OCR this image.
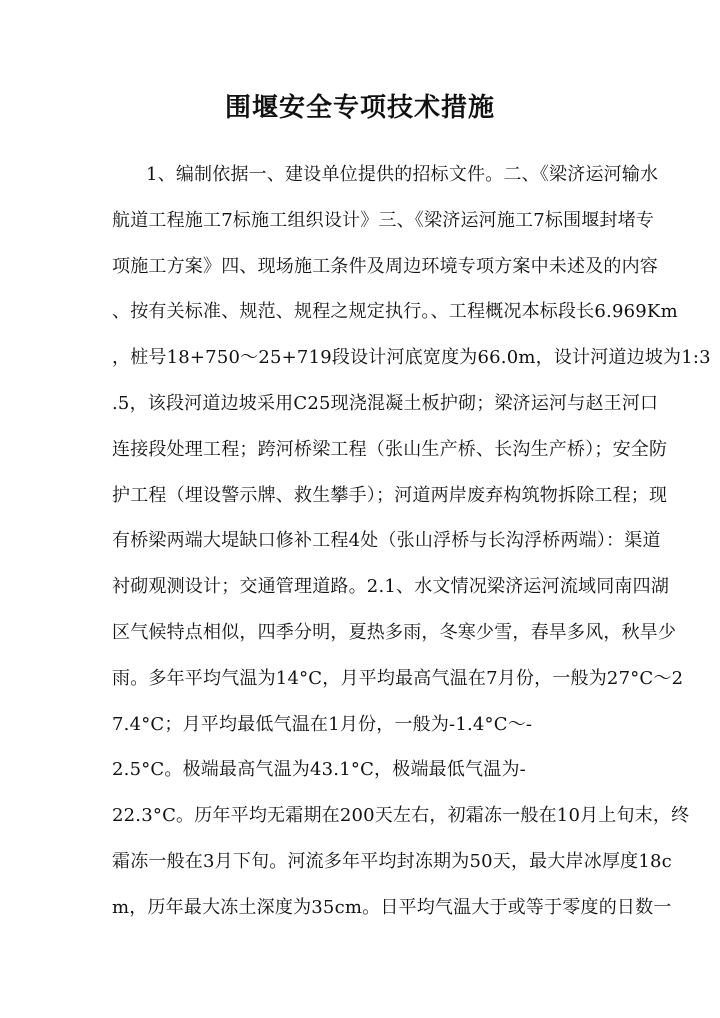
围堰安全专项技术措施
1、编制依据一、建设单位提供的招标文件。二、《梁济运河输水
航道工程施工7标施工组织设计》三、《梁济运河施工7标围堰封堵专
项施工方案》四、现场施工条件及周边环境专项方案中未述及的内容
、按有关标准、规范、规程之规定执行。、工程概况本标段长6.969Km
，桩号18+750～25+719段设计河底宽度为66.0m，设计河道边坡为1:3
.5，该段河道边坡采用C25现浇混凝土板护砌；梁济运河与赵王河口
连接段处理工程；跨河桥梁工程（张山生产桥、长沟生产桥）；安全防
护工程（埋设警示牌、救生攀手）；河道两岸废弃构筑物拆除工程；现
有桥梁两端大堤缺口修补工程4处（张山浮桥与长沟浮桥两端）：渠道
衬砌观测设计；交通管理道路。2.1、水文情况梁济运河流域同南四湖
区气候特点相似，四季分明，夏热多雨，冬寒少雪，春旱多风，秋旱少
雨。多年平均气温为14°C，月平均最高气温在7月份，一般为27°C～2
7.4°C；月平均最低气温在1月份，一般为-1.4°C～-
2.5°C。极端最高气温为43.1°C，极端最低气温为-
22.3°C。历年平均无霜期在200天左右，初霜冻一般在10月上旬末，终
霜冻一般在3月下旬。河流多年平均封冻期为50天，最大岸冰厚度18c
m，历年最大冻土深度为35cm。日平均气温大于或等于零度的日数一
